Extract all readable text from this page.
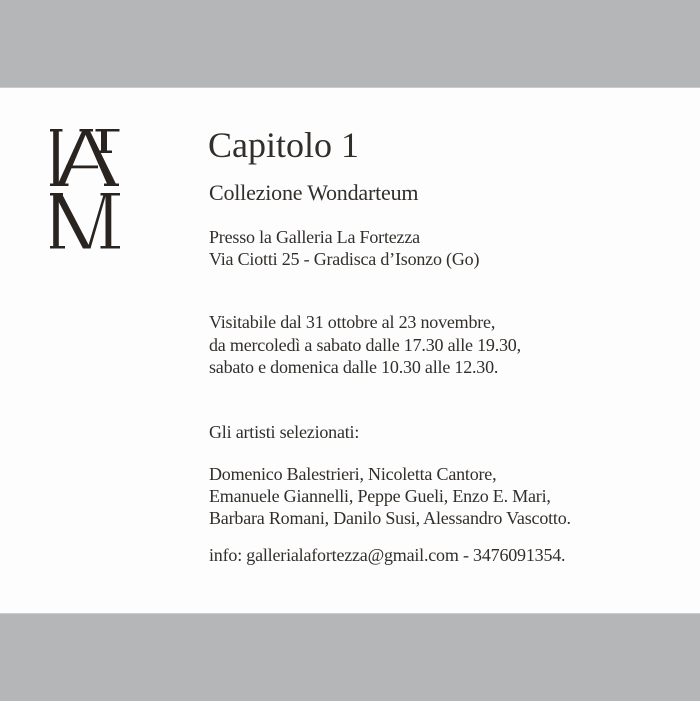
Capitolo 1
Collezione Wondarteum
Presso la Galleria La Fortezza
Via Ciotti 25 - Gradisca d’Isonzo (Go)
Visitabile dal 31 ottobre al 23 novembre,
da mercoledì a sabato dalle 17.30 alle 19.30,
sabato e domenica dalle 10.30 alle 12.30.
Gli artisti selezionati:
Domenico Balestrieri, Nicoletta Cantore,
Emanuele Giannelli, Peppe Gueli, Enzo E. Mari,
Barbara Romani, Danilo Susi, Alessandro Vascotto.
info: gallerialafortezza@gmail.com - 3476091354.
